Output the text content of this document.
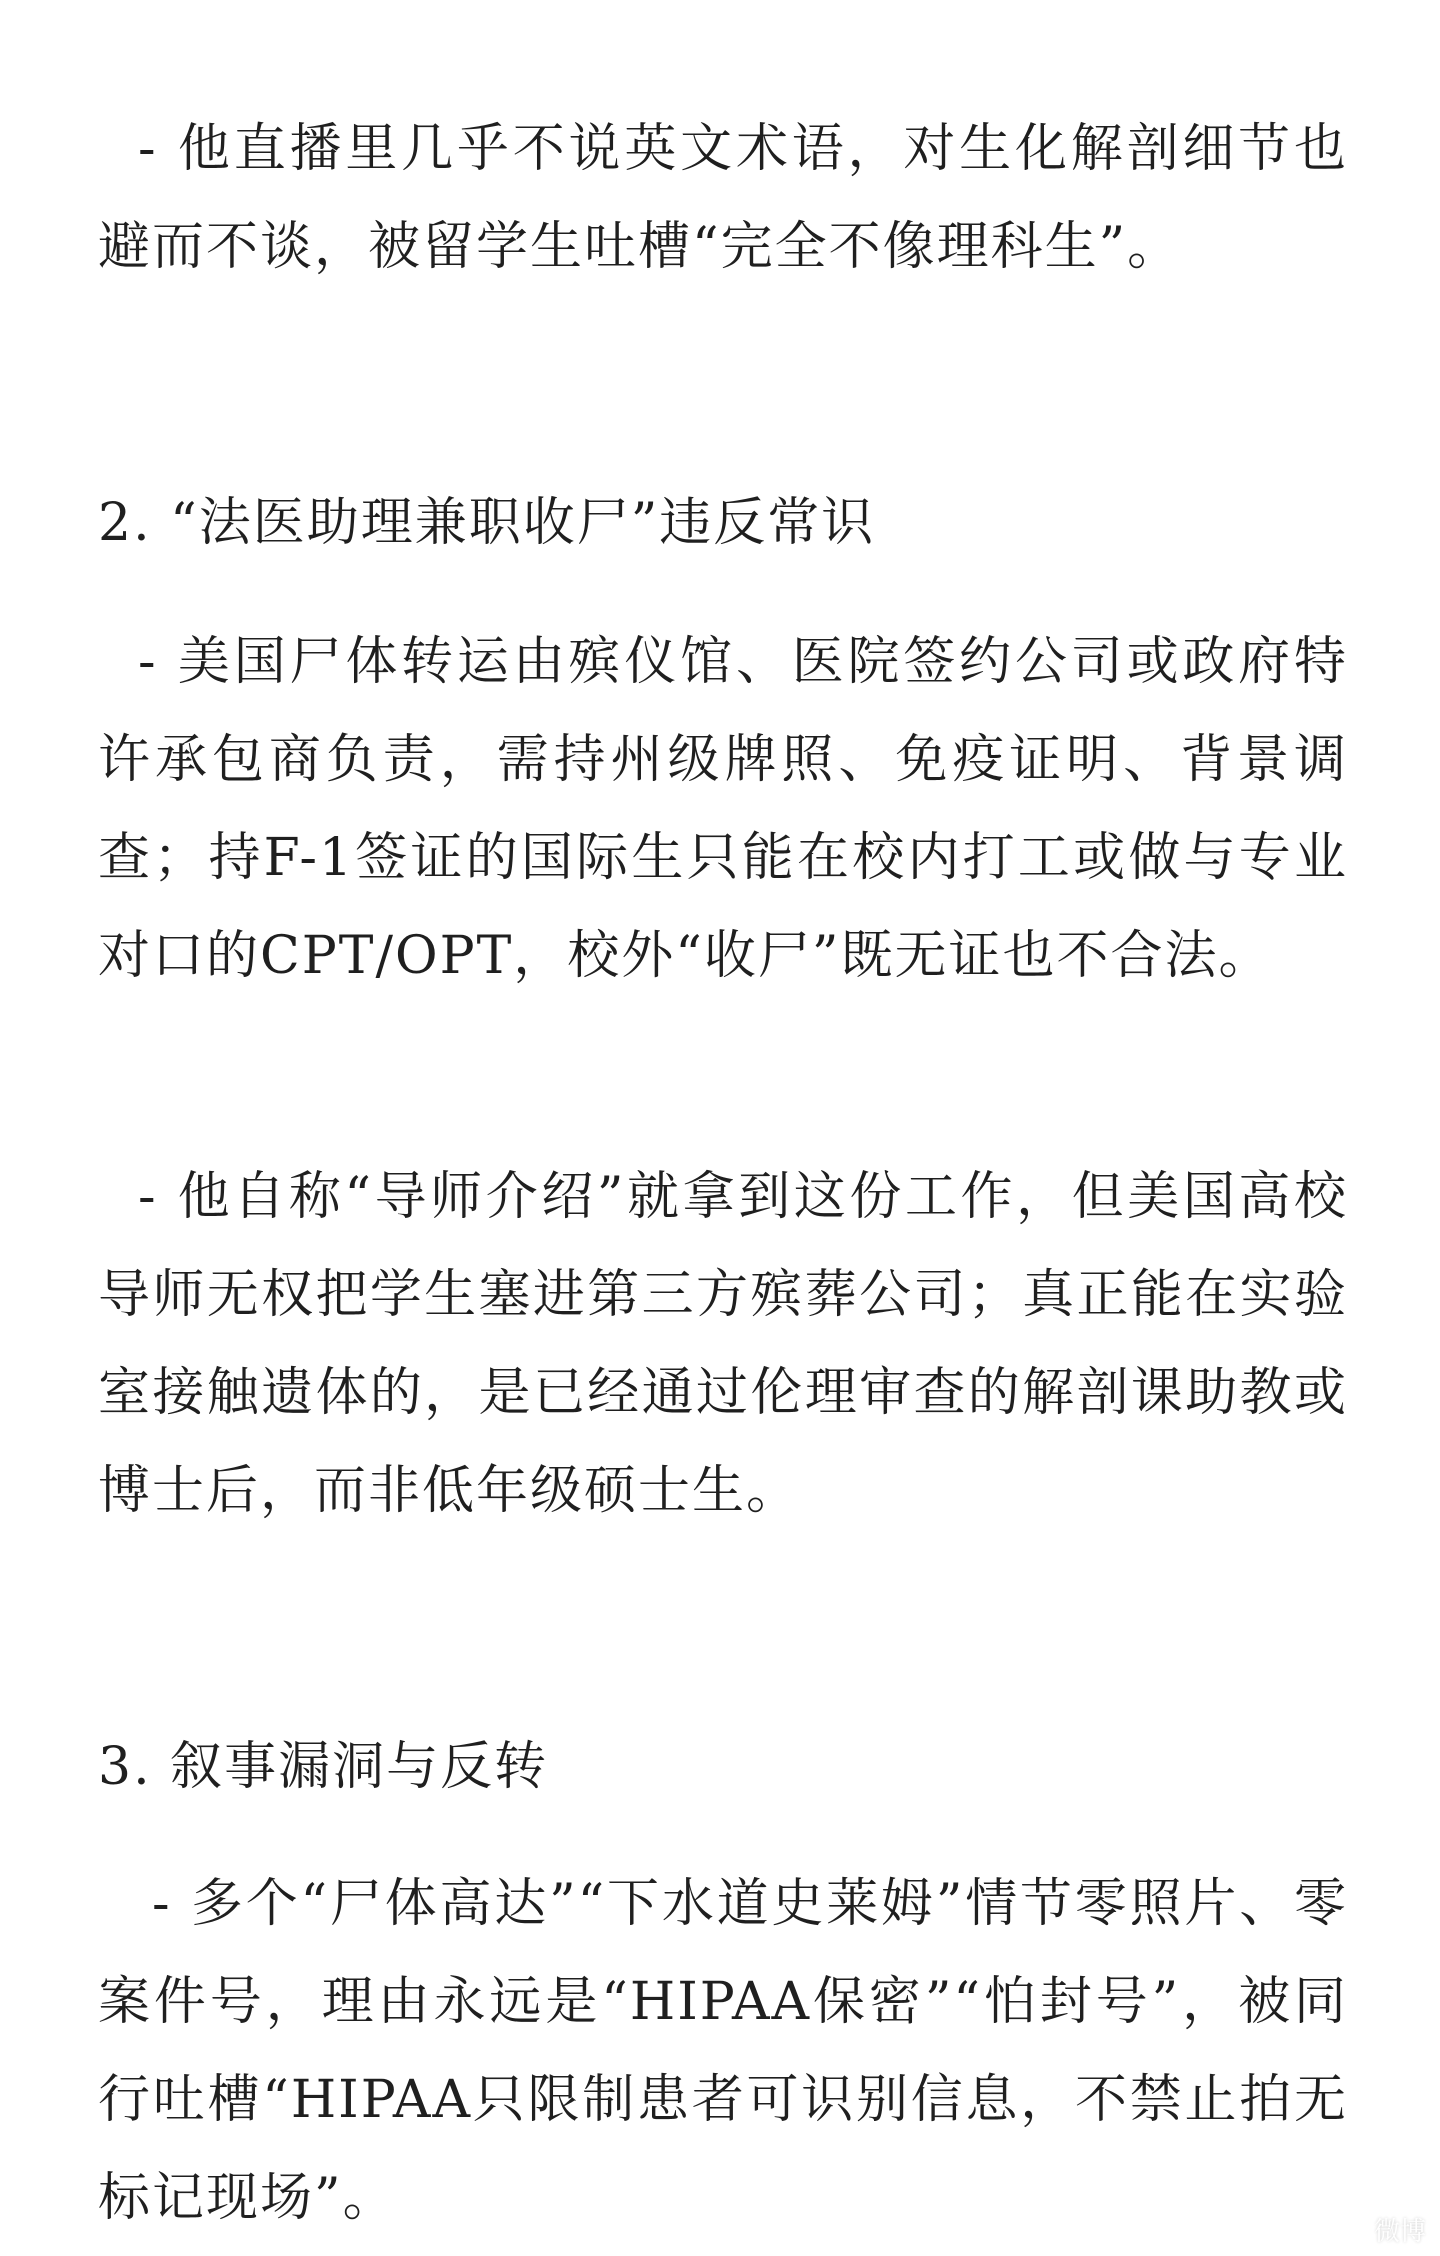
- 他直播里几乎不说英文术语，对生化解剖细节也避而不谈，被留学生吐槽“完全不像理科生”。

2. “法医助理兼职收尸”违反常识

- 美国尸体转运由殡仪馆、医院签约公司或政府特许承包商负责，需持州级牌照、免疫证明、背景调查；持F-1签证的国际生只能在校内打工或做与专业对口的CPT/OPT，校外“收尸”既无证也不合法。

- 他自称“导师介绍”就拿到这份工作，但美国高校导师无权把学生塞进第三方殡葬公司；真正能在实验室接触遗体的，是已经通过伦理审查的解剖课助教或博士后，而非低年级硕士生。

3. 叙事漏洞与反转

- 多个“尸体高达”“下水道史莱姆”情节零照片、零案件号，理由永远是“HIPAA保密”“怕封号”，被同行吐槽“HIPAA只限制患者可识别信息，不禁止拍无标记现场”。

微博
